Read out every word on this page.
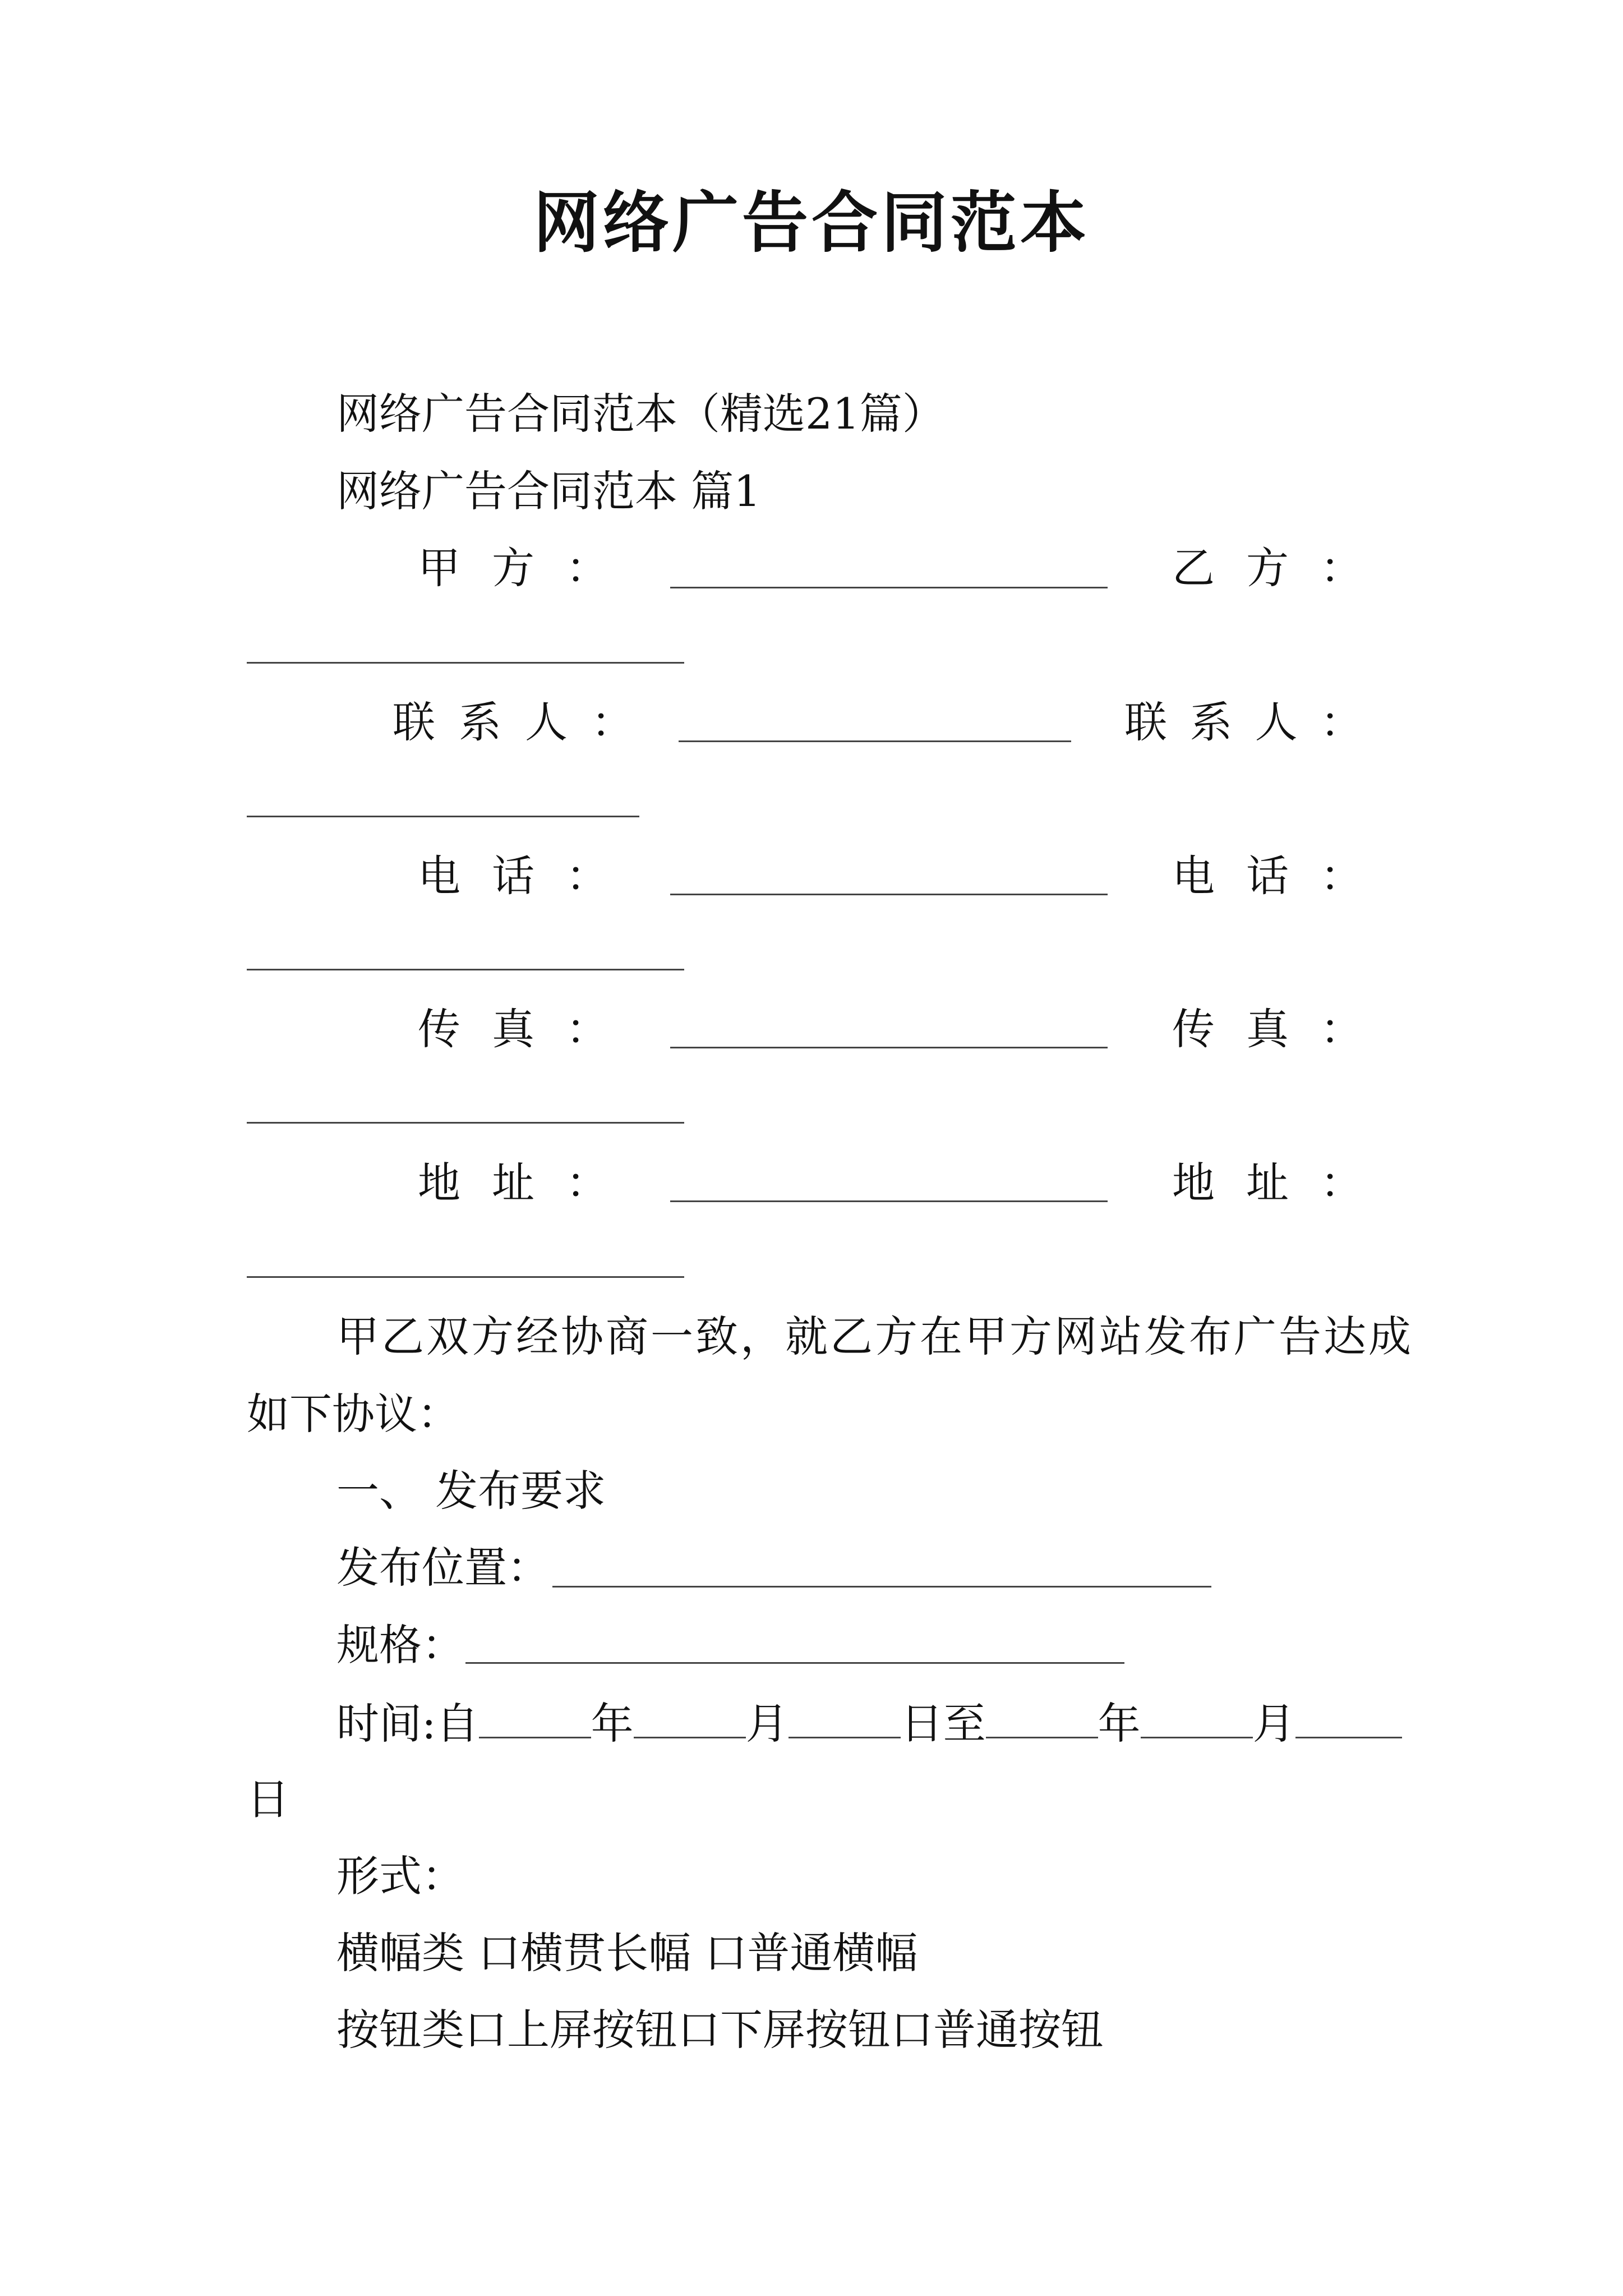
网络广告合同范本
网络广告合同范本（精选21篇）
网络广告合同范本 篇1
甲 方 ：	乙 方 ：
联 系 人 ：	联 系 人 ：
电 话 ：	电 话 ：
传 真 ：	传 真 ：
地 址 ：	地 址 ：
甲乙双方经协商一致，就乙方在甲方网站发布广告达成
如下协议：
一、 发布要求
发布位置：
规格：
时间:自	年	月	日至	年	月
日
形式：
横幅类 口横贯长幅 口普通横幅
按钮类口上屏按钮口下屏按钮口普通按钮
